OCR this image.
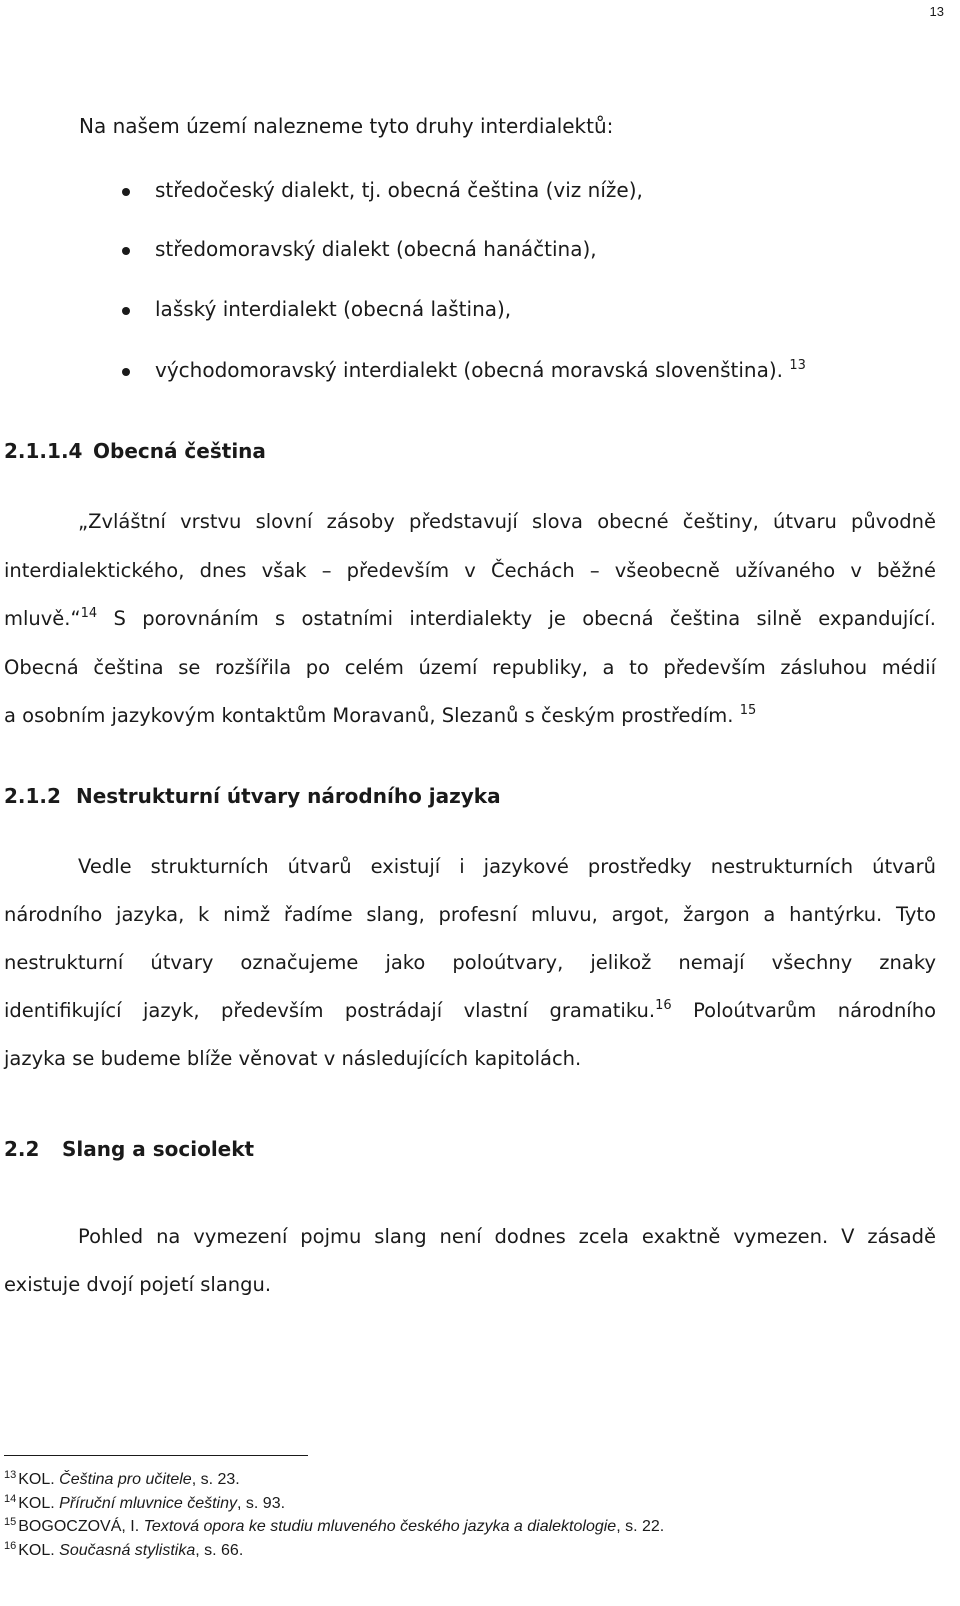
13

Na našem území nalezneme tyto druhy interdialektů:

středočeský dialekt, tj. obecná čeština (viz níže),
středomoravský dialekt (obecná hanáčtina),
lašský interdialekt (obecná laština),
východomoravský interdialekt (obecná moravská slovenština). $^{13}$
2.1.1.4 Obecná čeština
„Zvláštní vrstvu slovní zásoby představují slova obecné češtiny, útvaru původně
interdialektického, dnes však – především v Čechách – všeobecně užívaného v běžné
mluvě.“$^{14}$ S porovnáním s ostatními interdialekty je obecná čeština silně expandující.
Obecná čeština se rozšířila po celém území republiky, a to především zásluhou médií
a osobním jazykovým kontaktům Moravanů, Slezanů s českým prostředím. $^{15}$
2.1.2 Nestrukturní útvary národního jazyka
Vedle strukturních útvarů existují i jazykové prostředky nestrukturních útvarů
národního jazyka, k nimž řadíme slang, profesní mluvu, argot, žargon a hantýrku. Tyto
nestrukturní útvary označujeme jako poloútvary, jelikož nemají všechny znaky
identifikující jazyk, především postrádají vlastní gramatiku.$^{16}$ Poloútvarům národního
jazyka se budeme blíže věnovat v následujících kapitolách.
2.2 Slang a sociolekt
Pohled na vymezení pojmu slang není dodnes zcela exaktně vymezen. V zásadě
existuje dvojí pojetí slangu.
$^{13}$ KOL. Čeština pro učitele, s. 23.
$^{14}$ KOL. Příruční mluvnice češtiny, s. 93.
$^{15}$ BOGOCZOVÁ, I. Textová opora ke studiu mluveného českého jazyka a dialektologie, s. 22.
$^{16}$ KOL. Současná stylistika, s. 66.
